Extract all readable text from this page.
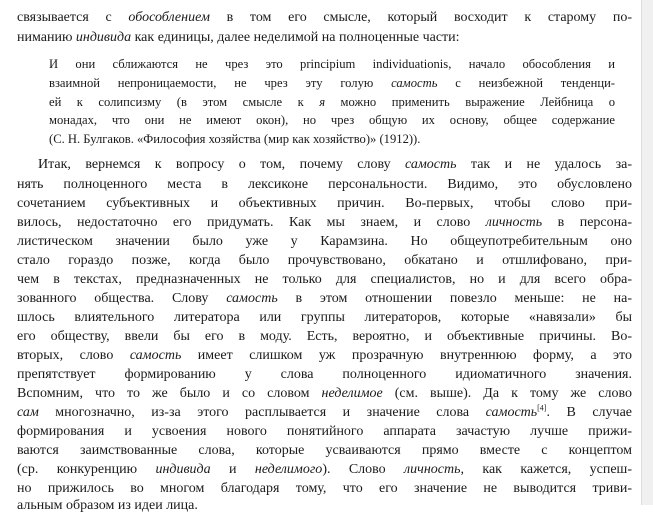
связывается с обособлением в том его смысле, который восходит к старому по-
ниманию индивида как единицы, далее неделимой на полноценные части:
И они сближаются не чрез это principium individuationis, начало обособления и
взаимной непроницаемости, не чрез эту голую самость с неизбежной тенденци-
ей к солипсизму (в этом смысле к я можно применить выражение Лейбница о
монадах, что они не имеют окон), но чрез общую их основу, общее содержание
(С. Н. Булгаков. «Философия хозяйства (мир как хозяйство)» (1912)).
Итак, вернемся к вопросу о том, почему слову самость так и не удалось за-
нять полноценного места в лексиконе персональности. Видимо, это обусловлено
сочетанием субъективных и объективных причин. Во-первых, чтобы слово при-
вилось, недостаточно его придумать. Как мы знаем, и слово личность в персона-
листическом значении было уже у Карамзина. Но общеупотребительным оно
стало гораздо позже, когда было прочувствовано, обкатано и отшлифовано, при-
чем в текстах, предназначенных не только для специалистов, но и для всего обра-
зованного общества. Слову самость в этом отношении повезло меньше: не на-
шлось влиятельного литератора или группы литераторов, которые «навязали» бы
его обществу, ввели бы его в моду. Есть, вероятно, и объективные причины. Во-
вторых, слово самость имеет слишком уж прозрачную внутреннюю форму, а это
препятствует формированию у слова полноценного идиоматичного значения.
Вспомним, что то же было и со словом неделимое (см. выше). Да к тому же слово
сам многозначно, из-за этого расплывается и значение слова самость[4]. В случае
формирования и усвоения нового понятийного аппарата зачастую лучше прижи-
ваются заимствованные слова, которые усваиваются прямо вместе с концептом
(ср. конкуренцию индивида и неделимого). Слово личность, как кажется, успеш-
но прижилось во многом благодаря тому, что его значение не выводится триви-
альным образом из идеи лица.
